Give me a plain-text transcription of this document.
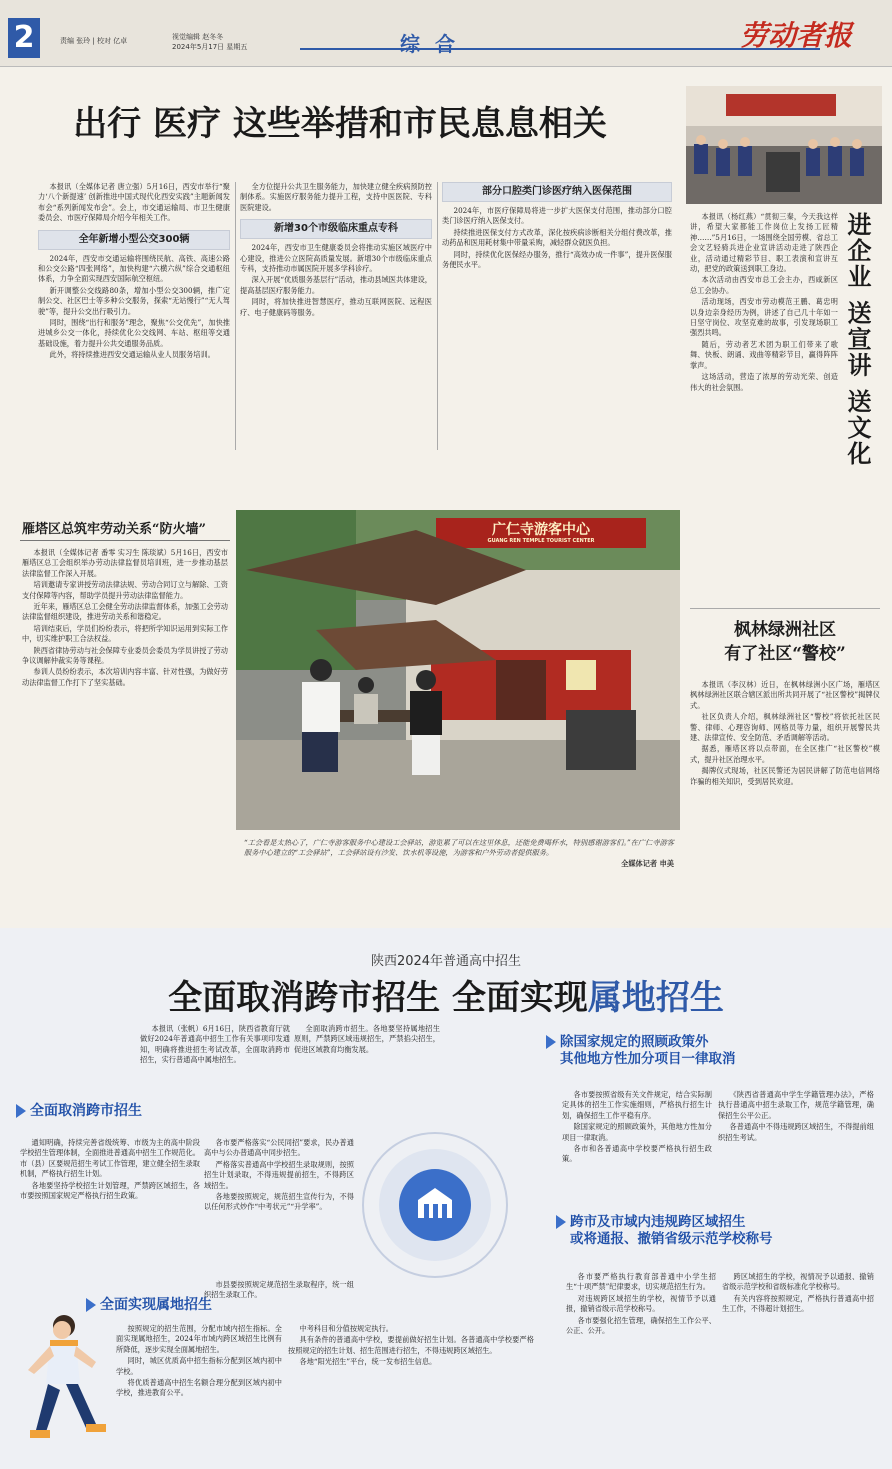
2	责编 张玲 | 校对 亿卓	视觉编辑 赵冬冬
2024年5月17日 星期五	综 合	劳动者报
出行 医疗 这些举措和市民息息相关

本报讯（全媒体记者 唐立强）5月16日，西安市举行“聚力‘八个新提速’ 创新推进中国式现代化西安实践”主题新闻发布会“系列新闻发布会”。会上，市交通运输局、市卫生健康委员会、市医疗保障局介绍今年相关工作。

全年新增小型公交300辆

2024年，西安市交通运输将围绕民航、高铁、高速公路和公交公路“四张网络”，加快构建“六横六纵”综合交通枢纽体系，力争全面实现西安国际航空枢纽。

新开调整公交线路80条，增加小型公交300辆，推广定制公交、社区巴士等多种公交服务，探索“无站慢行”“无人驾驶”等，提升公交出行吸引力。

同时，围绕“出行和服务”理念，聚焦“公交优先”，加快推进城乡公交一体化，持续优化公交线网、车站、枢纽等交通基础设施，着力提升公共交通服务品质。

此外，将持续推进西安交通运输从业人员服务培训。

全方位提升公共卫生服务能力，加快建立健全疾病预防控制体系。实施医疗服务能力提升工程，支持中医医院、专科医院建设。

新增30个市级临床重点专科

2024年，西安市卫生健康委员会将推动实施区域医疗中心建设，推进公立医院高质量发展。新增30个市级临床重点专科，支持推动市属医院开展多学科诊疗。

深入开展“优质服务基层行”活动，推动县域医共体建设，提高基层医疗服务能力。

同时，将加快推进智慧医疗，推动互联网医院、远程医疗、电子健康码等服务。

部分口腔类门诊医疗纳入医保范围

2024年，市医疗保障局将进一步扩大医保支付范围，推动部分口腔类门诊医疗纳入医保支付。

持续推进医保支付方式改革，深化按疾病诊断相关分组付费改革，推动药品和医用耗材集中带量采购，减轻群众就医负担。

同时，持续优化医保经办服务，推行“高效办成一件事”，提升医保服务便民水平。

本报讯（杨红燕）“贯彻三秦，今天我这样讲，希望大家都能工作岗位上发扬工匠精神……”5月16日，一场围绕全国劳模、省总工会文艺轻骑兵进企业宣讲活动走进了陕西企业，活动通过精彩节目、职工表演和宣讲互动，把党的政策送到职工身边。

本次活动由西安市总工会主办，西咸新区总工会协办。

活动现场，西安市劳动模范王鹏、葛忠明以身边亲身经历为例，讲述了自己几十年如一日坚守岗位、攻坚克难的故事，引发现场职工强烈共鸣。

随后，劳动者艺术团为职工们带来了歌舞、快板、朗诵、戏曲等精彩节目，赢得阵阵掌声。

这场活动，营造了浓厚的劳动光荣、创造伟大的社会氛围。	进企业 送宣讲 送文化
枫林绿洲社区
有了社区“警校”

本报讯（李汉林）近日，在枫林绿洲小区广场，雁塔区枫林绿洲社区联合辖区派出所共同开展了“社区警校”揭牌仪式。

社区负责人介绍，枫林绿洲社区“警校”将依托社区民警、律师、心理咨询师、网格员等力量，组织开展警民共建、法律宣传、安全防范、矛盾调解等活动。

据悉，雁塔区将以点带面，在全区推广“社区警校”模式，提升社区治理水平。

揭牌仪式现场，社区民警还为居民讲解了防范电信网络诈骗的相关知识，受到居民欢迎。

雁塔区总筑牢劳动关系“防火墙”

本报讯（全媒体记者 番零 实习生 陈琰斌）5月16日，西安市雁塔区总工会组织举办劳动法律监督员培训班，进一步推动基层法律监督工作深入开展。

培训邀请专家讲授劳动法律法规、劳动合同订立与解除、工资支付保障等内容，帮助学员提升劳动法律监督能力。

近年来，雁塔区总工会健全劳动法律监督体系，加强工会劳动法律监督组织建设，推进劳动关系和谐稳定。

培训结束后，学员们纷纷表示，将把所学知识运用到实际工作中，切实维护职工合法权益。

陕西省律协劳动与社会保障专业委员会委员为学员讲授了劳动争议调解仲裁实务等课程。

参训人员纷纷表示，本次培训内容丰富、针对性强，为做好劳动法律监督工作打下了坚实基础。

广仁寺游客中心
GUANG REN TEMPLE TOURIST CENTER
“工会看是太热心了，广仁寺游客服务中心建设工会驿站，游览累了可以在这里休息，还能免费喝杯水，特别感谢游客们。”在广仁寺游客服务中心建立的“工会驿站”，工会驿站设有沙发、饮水机等设施，为游客和户外劳动者提供服务。
全媒体记者 申美
陕西2024年普通高中招生
全面取消跨市招生 全面实现属地招生

本报讯（张帆）6月16日，陕西省教育厅就做好2024年普通高中招生工作有关事项印发通知，明确将推进招生考试改革，全面取消跨市招生，实行普通高中属地招生。

全面取消跨市招生。各地要坚持属地招生原则，严禁跨区域违规招生，严禁掐尖招生，促进区域教育均衡发展。	除国家规定的照顾政策外
其他地方性加分项目一律取消
全面取消跨市招生

通知明确，持续完善省级统筹、市级为主的高中阶段学校招生管理体制，全面推进普通高中招生工作规范化。市（县）区要规范招生考试工作管理，建立健全招生录取机制，严格执行招生计划。

各地要坚持学校招生计划管理，严禁跨区域招生，各市要按照国家规定严格执行招生政策。

各市要严格落实“公民同招”要求，民办普通高中与公办普通高中同步招生。

严格落实普通高中学校招生录取规则，按照招生计划录取，不得违规提前招生，不得跨区域招生。

各地要按照规定，规范招生宣传行为，不得以任何形式炒作“中考状元”“升学率”。

各市要按照省级有关文件规定，结合实际制定具体的招生工作实施细则，严格执行招生计划，确保招生工作平稳有序。

除国家规定的照顾政策外，其他地方性加分项目一律取消。

各市和各普通高中学校要严格执行招生政策。

《陕西省普通高中学生学籍管理办法》，严格执行普通高中招生录取工作，规范学籍管理，确保招生公平公正。

各普通高中不得违规跨区域招生，不得提前组织招生考试。

跨市及市域内违规跨区域招生
或将通报、撤销省级示范学校称号
全面实现属地招生

按照规定的招生范围，分配市域内招生指标。全面实现属地招生，2024年市域内跨区域招生比例有所降低，逐步实现全面属地招生。

同时，城区优质高中招生指标分配到区域内初中学校。

将优质普通高中招生名额合理分配到区域内初中学校，推进教育公平。

中考科目和分值按规定执行。

具有条件的普通高中学校，要提前做好招生计划。各普通高中学校要严格按照规定的招生计划、招生范围进行招生，不得违规跨区域招生。

各地“阳光招生”平台，统一发布招生信息。

各市要严格执行教育部普通中小学生招生“十项严禁”纪律要求，切实规范招生行为。

对违规跨区域招生的学校，视情节予以通报，撤销省级示范学校称号。

各市要强化招生管理，确保招生工作公平、公正、公开。

跨区域招生的学校，视情况予以通报、撤销省级示范学校和省级标准化学校称号。

有关内容将按照规定，严格执行普通高中招生工作，不得超计划招生。

市县要按照规定规范招生录取程序，统一组织招生录取工作。
